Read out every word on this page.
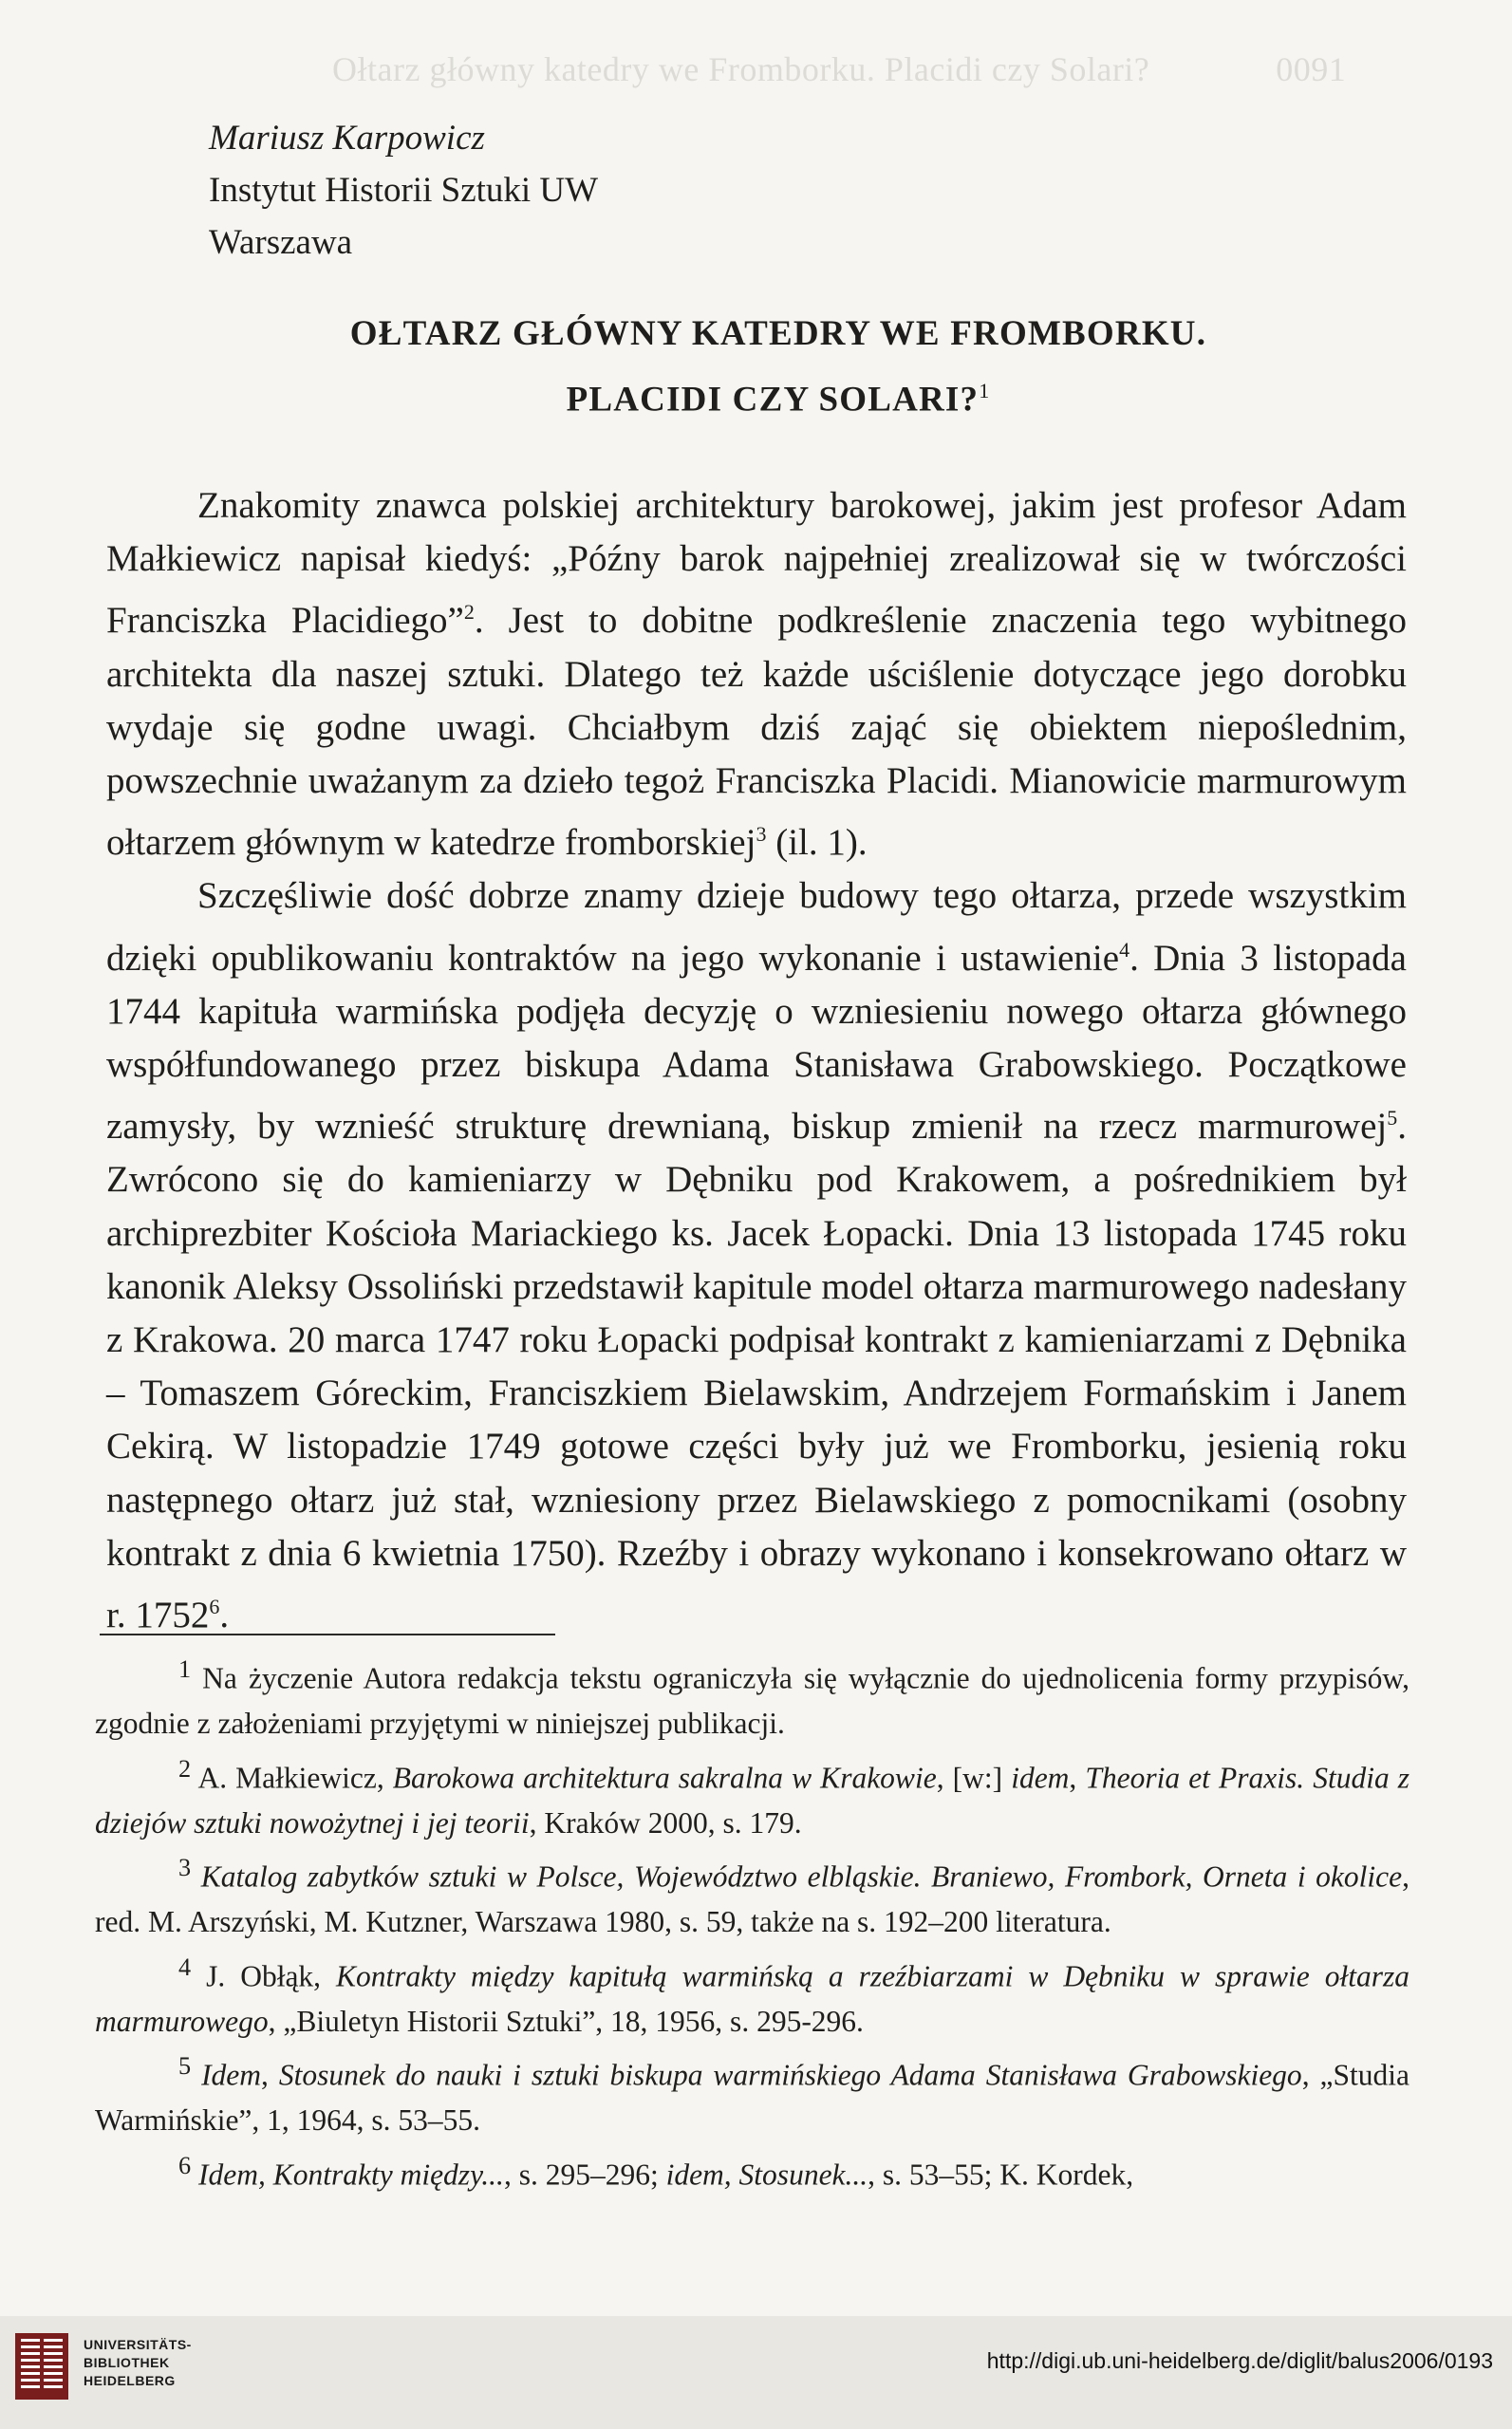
Ołtarz główny katedry we Fromborku. Placidi czy Solari?              0091
Mariusz Karpowicz
Instytut Historii Sztuki UW
Warszawa
OŁTARZ GŁÓWNY KATEDRY WE FROMBORKU.
PLACIDI CZY SOLARI?$^1$

Znakomity znawca polskiej architektury barokowej, jakim jest profesor Adam Małkiewicz napisał kiedyś: „Późny barok najpełniej zrealizował się w twórczości Franciszka Placidiego”$^2$. Jest to dobitne podkreślenie znaczenia tego wybitnego architekta dla naszej sztuki. Dlatego też każde uściślenie dotyczące jego dorobku wydaje się godne uwagi. Chciałbym dziś zająć się obiektem niepoślednim, powszechnie uważanym za dzieło tegoż Franciszka Placidi. Mianowicie marmurowym ołtarzem głównym w katedrze fromborskiej$^3$ (il. 1).

Szczęśliwie dość dobrze znamy dzieje budowy tego ołtarza, przede wszystkim dzięki opublikowaniu kontraktów na jego wykonanie i ustawienie$^4$. Dnia 3 listopada 1744 kapituła warmińska podjęła decyzję o wzniesieniu nowego ołtarza głównego współfundowanego przez biskupa Adama Stanisława Grabowskiego. Początkowe zamysły, by wznieść strukturę drewnianą, biskup zmienił na rzecz marmurowej$^5$. Zwrócono się do kamieniarzy w Dębniku pod Krakowem, a pośrednikiem był archiprezbiter Kościoła Mariackiego ks. Jacek Łopacki. Dnia 13 listopada 1745 roku kanonik Aleksy Ossoliński przedstawił kapitule model ołtarza marmurowego nadesłany z Krakowa. 20 marca 1747 roku Łopacki podpisał kontrakt z kamieniarzami z Dębnika – Tomaszem Góreckim, Franciszkiem Bielawskim, Andrzejem Formańskim i Janem Cekirą. W listopadzie 1749 gotowe części były już we Fromborku, jesienią roku następnego ołtarz już stał, wzniesiony przez Bielawskiego z pomocnikami (osobny kontrakt z dnia 6 kwietnia 1750). Rzeźby i obrazy wykonano i konsekrowano ołtarz w r. 1752$^6$.

$^1$ Na życzenie Autora redakcja tekstu ograniczyła się wyłącznie do ujednolicenia formy przypisów, zgodnie z założeniami przyjętymi w niniejszej publikacji.

$^2$ A. Małkiewicz, Barokowa architektura sakralna w Krakowie, [w:] idem, Theoria et Praxis. Studia z dziejów sztuki nowożytnej i jej teorii, Kraków 2000, s. 179.

$^3$ Katalog zabytków sztuki w Polsce, Województwo elbląskie. Braniewo, Frombork, Orneta i okolice, red. M. Arszyński, M. Kutzner, Warszawa 1980, s. 59, także na s. 192–200 literatura.

$^4$ J. Obłąk, Kontrakty między kapitułą warmińską a rzeźbiarzami w Dębniku w sprawie ołtarza marmurowego, „Biuletyn Historii Sztuki”, 18, 1956, s. 295-296.

$^5$ Idem, Stosunek do nauki i sztuki biskupa warmińskiego Adama Stanisława Grabowskiego, „Studia Warmińskie”, 1, 1964, s. 53–55.

$^6$ Idem, Kontrakty między..., s. 295–296; idem, Stosunek..., s. 53–55; K. Kordek,

UNIVERSITÄTS-
BIBLIOTHEK
HEIDELBERG
http://digi.ub.uni-heidelberg.de/diglit/balus2006/0193
